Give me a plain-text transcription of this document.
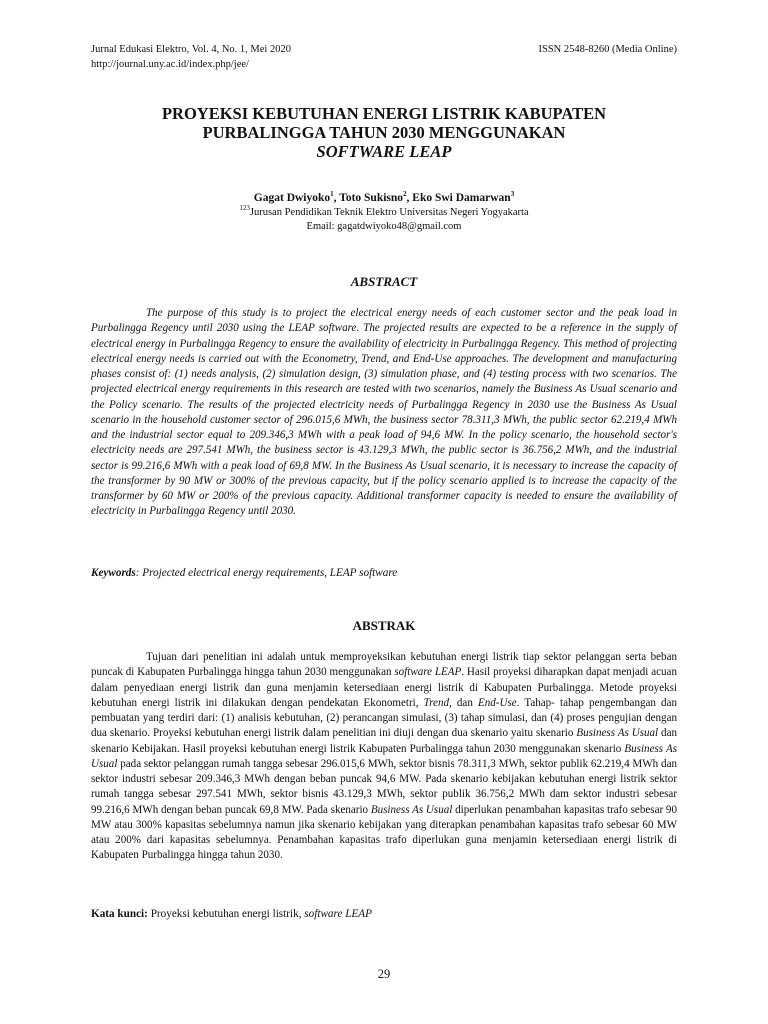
Jurnal Edukasi Elektro, Vol. 4, No. 1, Mei 2020	ISSN 2548-8260 (Media Online)
http://journal.uny.ac.id/index.php/jee/
PROYEKSI KEBUTUHAN ENERGI LISTRIK KABUPATEN
PURBALINGGA TAHUN 2030 MENGGUNAKAN
SOFTWARE LEAP
Gagat Dwiyoko$^1$, Toto Sukisno$^2$, Eko Swi Damarwan$^3$
$^{123}$Jurusan Pendidikan Teknik Elektro Universitas Negeri Yogyakarta
Email: gagatdwiyoko48@gmail.com
ABSTRACT

The purpose of this study is to project the electrical energy needs of each customer sector and the peak load in Purbalingga Regency until 2030 using the LEAP software. The projected results are expected to be a reference in the supply of electrical energy in Purbalingga Regency to ensure the availability of electricity in Purbalingga Regency. This method of projecting electrical energy needs is carried out with the Econometry, Trend, and End-Use approaches. The development and manufacturing phases consist of: (1) needs analysis, (2) simulation design, (3) simulation phase, and (4) testing process with two scenarios. The projected electrical energy requirements in this research are tested with two scenarios, namely the Business As Usual scenario and the Policy scenario. The results of the projected electricity needs of Purbalingga Regency in 2030 use the Business As Usual scenario in the household customer sector of 296.015,6 MWh, the business sector 78.311,3 MWh, the public sector 62.219,4 MWh and the industrial sector equal to 209.346,3 MWh with a peak load of 94,6 MW. In the policy scenario, the household sector's electricity needs are 297.541 MWh, the business sector is 43.129,3 MWh, the public sector is 36.756,2 MWh, and the industrial sector is 99.216,6 MWh with a peak load of 69,8 MW. In the Business As Usual scenario, it is necessary to increase the capacity of the transformer by 90 MW or 300% of the previous capacity, but if the policy scenario applied is to increase the capacity of the transformer by 60 MW or 200% of the previous capacity. Additional transformer capacity is needed to ensure the availability of electricity in Purbalingga Regency until 2030.

Keywords: Projected electrical energy requirements, LEAP software
ABSTRAK

Tujuan dari penelitian ini adalah untuk memproyeksikan kebutuhan energi listrik tiap sektor pelanggan serta beban puncak di Kabupaten Purbalingga hingga tahun 2030 menggunakan software LEAP. Hasil proyeksi diharapkan dapat menjadi acuan dalam penyediaan energi listrik dan guna menjamin ketersediaan energi listrik di Kabupaten Purbalingga. Metode proyeksi kebutuhan energi listrik ini dilakukan dengan pendekatan Ekonometri, Trend, dan End-Use. Tahap- tahap pengembangan dan pembuatan yang terdiri dari: (1) analisis kebutuhan, (2) perancangan simulasi, (3) tahap simulasi, dan (4) proses pengujian dengan dua skenario. Proyeksi kebutuhan energi listrik dalam penelitian ini diuji dengan dua skenario yaitu skenario Business As Usual dan skenario Kebijakan. Hasil proyeksi kebutuhan energi listrik Kabupaten Purbalingga tahun 2030 menggunakan skenario Business As Usual pada sektor pelanggan rumah tangga sebesar 296.015,6 MWh, sektor bisnis 78.311,3 MWh, sektor publik 62.219,4 MWh dan sektor industri sebesar 209.346,3 MWh dengan beban puncak 94,6 MW. Pada skenario kebijakan kebutuhan energi listrik sektor rumah tangga sebesar 297.541 MWh, sektor bisnis 43.129,3 MWh, sektor publik 36.756,2 MWh dam sektor industri sebesar 99.216,6 MWh dengan beban puncak 69,8 MW. Pada skenario Business As Usual diperlukan penambahan kapasitas trafo sebesar 90 MW atau 300% kapasitas sebelumnya namun jika skenario kebijakan yang diterapkan penambahan kapasitas trafo sebesar 60 MW atau 200% dari kapasitas sebelumnya. Penambahan kapasitas trafo diperlukan guna menjamin ketersediaan energi listrik di Kabupaten Purbalingga hingga tahun 2030.

Kata kunci: Proyeksi kebutuhan energi listrik, software LEAP
29
